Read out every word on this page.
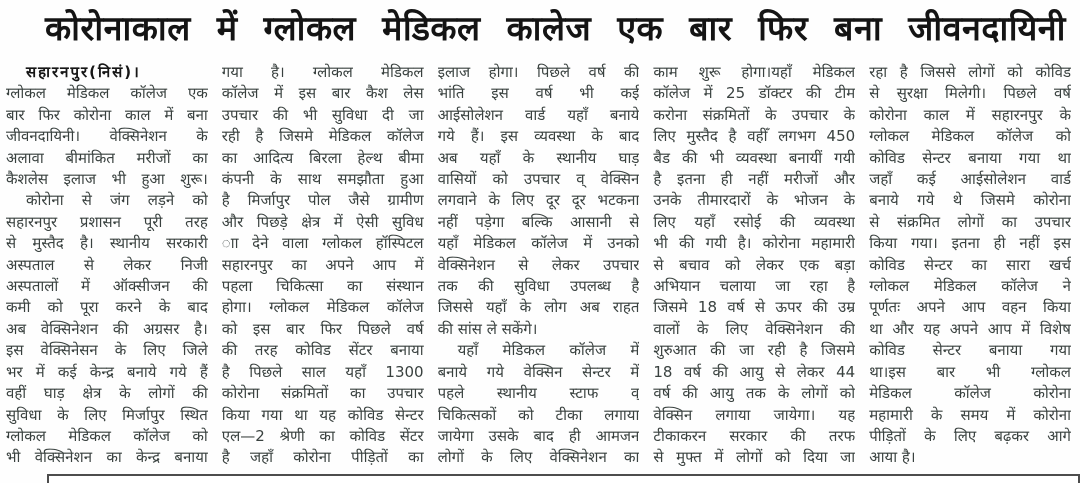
कोरोनाकाल में ग्लोकल मेडिकल कालेज एक बार फिर बना जीवनदायिनी
सहारनपुर(निसं)।
ग्लोकल मेडिकल कॉलेज एक
बार फिर कोरोना काल में बना
जीवनदायिनी। वेक्सिनेशन के
अलावा बीमांकित मरीजों का
कैशलेस इलाज भी हुआ शुरू।
कोरोना से जंग लड़ने को
सहारनपुर प्रशासन पूरी तरह
से मुस्तैद है। स्थानीय सरकारी
अस्पताल से लेकर निजी
अस्पतालों में ऑक्सीजन की
कमी को पूरा करने के बाद
अब वेक्सिनेशन की अग्रसर है।
इस वेक्सिनेसन के लिए जिले
भर में कई केन्द्र बनाये गये हैं
वहीं घाड़ क्षेत्र के लोगों की
सुविधा के लिए मिर्जापुर स्थित
ग्लोकल मेडिकल कॉलेज को
भी वेक्सिनेशन का केन्द्र बनाया
गया है। ग्लोकल मेडिकल
कॉलेज में इस बार कैश लेस
उपचार की भी सुविधा दी जा
रही है जिसमे मेडिकल कॉलेज
का आदित्य बिरला हेल्थ बीमा
कंपनी के साथ समझौता हुआ
है मिर्जापुर पोल जैसे ग्रामीण
और पिछड़े क्षेत्र में ऐसी सुविध
ाा देने वाला ग्लोकल हॉस्पिटल
सहारनपुर का अपने आप में
पहला चिकित्सा का संस्थान
होगा। ग्लोकल मेडिकल कॉलेज
को इस बार फिर पिछले वर्ष
की तरह कोविड सेंटर बनाया
है पिछले साल यहाँ 1300
कोरोना संक्रमितों का उपचार
किया गया था यह कोविड सेन्टर
एल—2 श्रेणी का कोविड सेंटर
है जहाँ कोरोना पीड़ितों का
इलाज होगा। पिछले वर्ष की
भांति इस वर्ष भी कई
आईसोलेशन वार्ड यहाँ बनाये
गये हैं। इस व्यवस्था के बाद
अब यहाँ के स्थानीय घाड़
वासियों को उपचार व् वेक्सिन
लगवाने के लिए दूर दूर भटकना
नहीं पड़ेगा बल्कि आसानी से
यहाँ मेडिकल कॉलेज में उनको
वेक्सिनेशन से लेकर उपचार
तक की सुविधा उपलब्ध है
जिससे यहाँ के लोग अब राहत
की सांस ले सकेंगे।
यहाँ मेडिकल कॉलेज में
बनाये गये वेक्सिन सेन्टर में
पहले स्थानीय स्टाफ व्
चिकित्सकों को टीका लगाया
जायेगा उसके बाद ही आमजन
लोगों के लिए वेक्सिनेशन का
काम शुरू होगा।यहाँ मेडिकल
कॉलेज में 25 डॉक्टर की टीम
करोना संक्रमितों के उपचार के
लिए मुस्तैद है वहीँ लगभग 450
बैड की भी व्यवस्था बनायीं गयी
है इतना ही नहीं मरीजों और
उनके तीमारदारों के भोजन के
लिए यहाँ रसोई की व्यवस्था
भी की गयी है। कोरोना महामारी
से बचाव को लेकर एक बड़ा
अभियान चलाया जा रहा है
जिसमे 18 वर्ष से ऊपर की उम्र
वालों के लिए वेक्सिनेशन की
शुरुआत की जा रही है जिसमे
18 वर्ष की आयु से लेकर 44
वर्ष की आयु तक के लोगों को
वेक्सिन लगाया जायेगा। यह
टीकाकरन सरकार की तरफ
से मुफ्त में लोगों को दिया जा
रहा है जिससे लोगों को कोविड
से सुरक्षा मिलेगी। पिछले वर्ष
कोरोना काल में सहारनपुर के
ग्लोकल मेडिकल कॉलेज को
कोविड सेन्टर बनाया गया था
जहाँ कई आईसोलेशन वार्ड
बनाये गये थे जिसमे कोरोना
से संक्रमित लोगों का उपचार
किया गया। इतना ही नहीं इस
कोविड सेन्टर का सारा खर्च
ग्लोकल मेडिकल कॉलेज ने
पूर्णतः अपने आप वहन किया
था और यह अपने आप में विशेष
कोविड सेन्टर बनाया गया
था।इस बार भी ग्लोकल
मेडिकल कॉलेज कोरोना
महामारी के समय में कोरोना
पीड़ितों के लिए बढ़कर आगे
आया है।
